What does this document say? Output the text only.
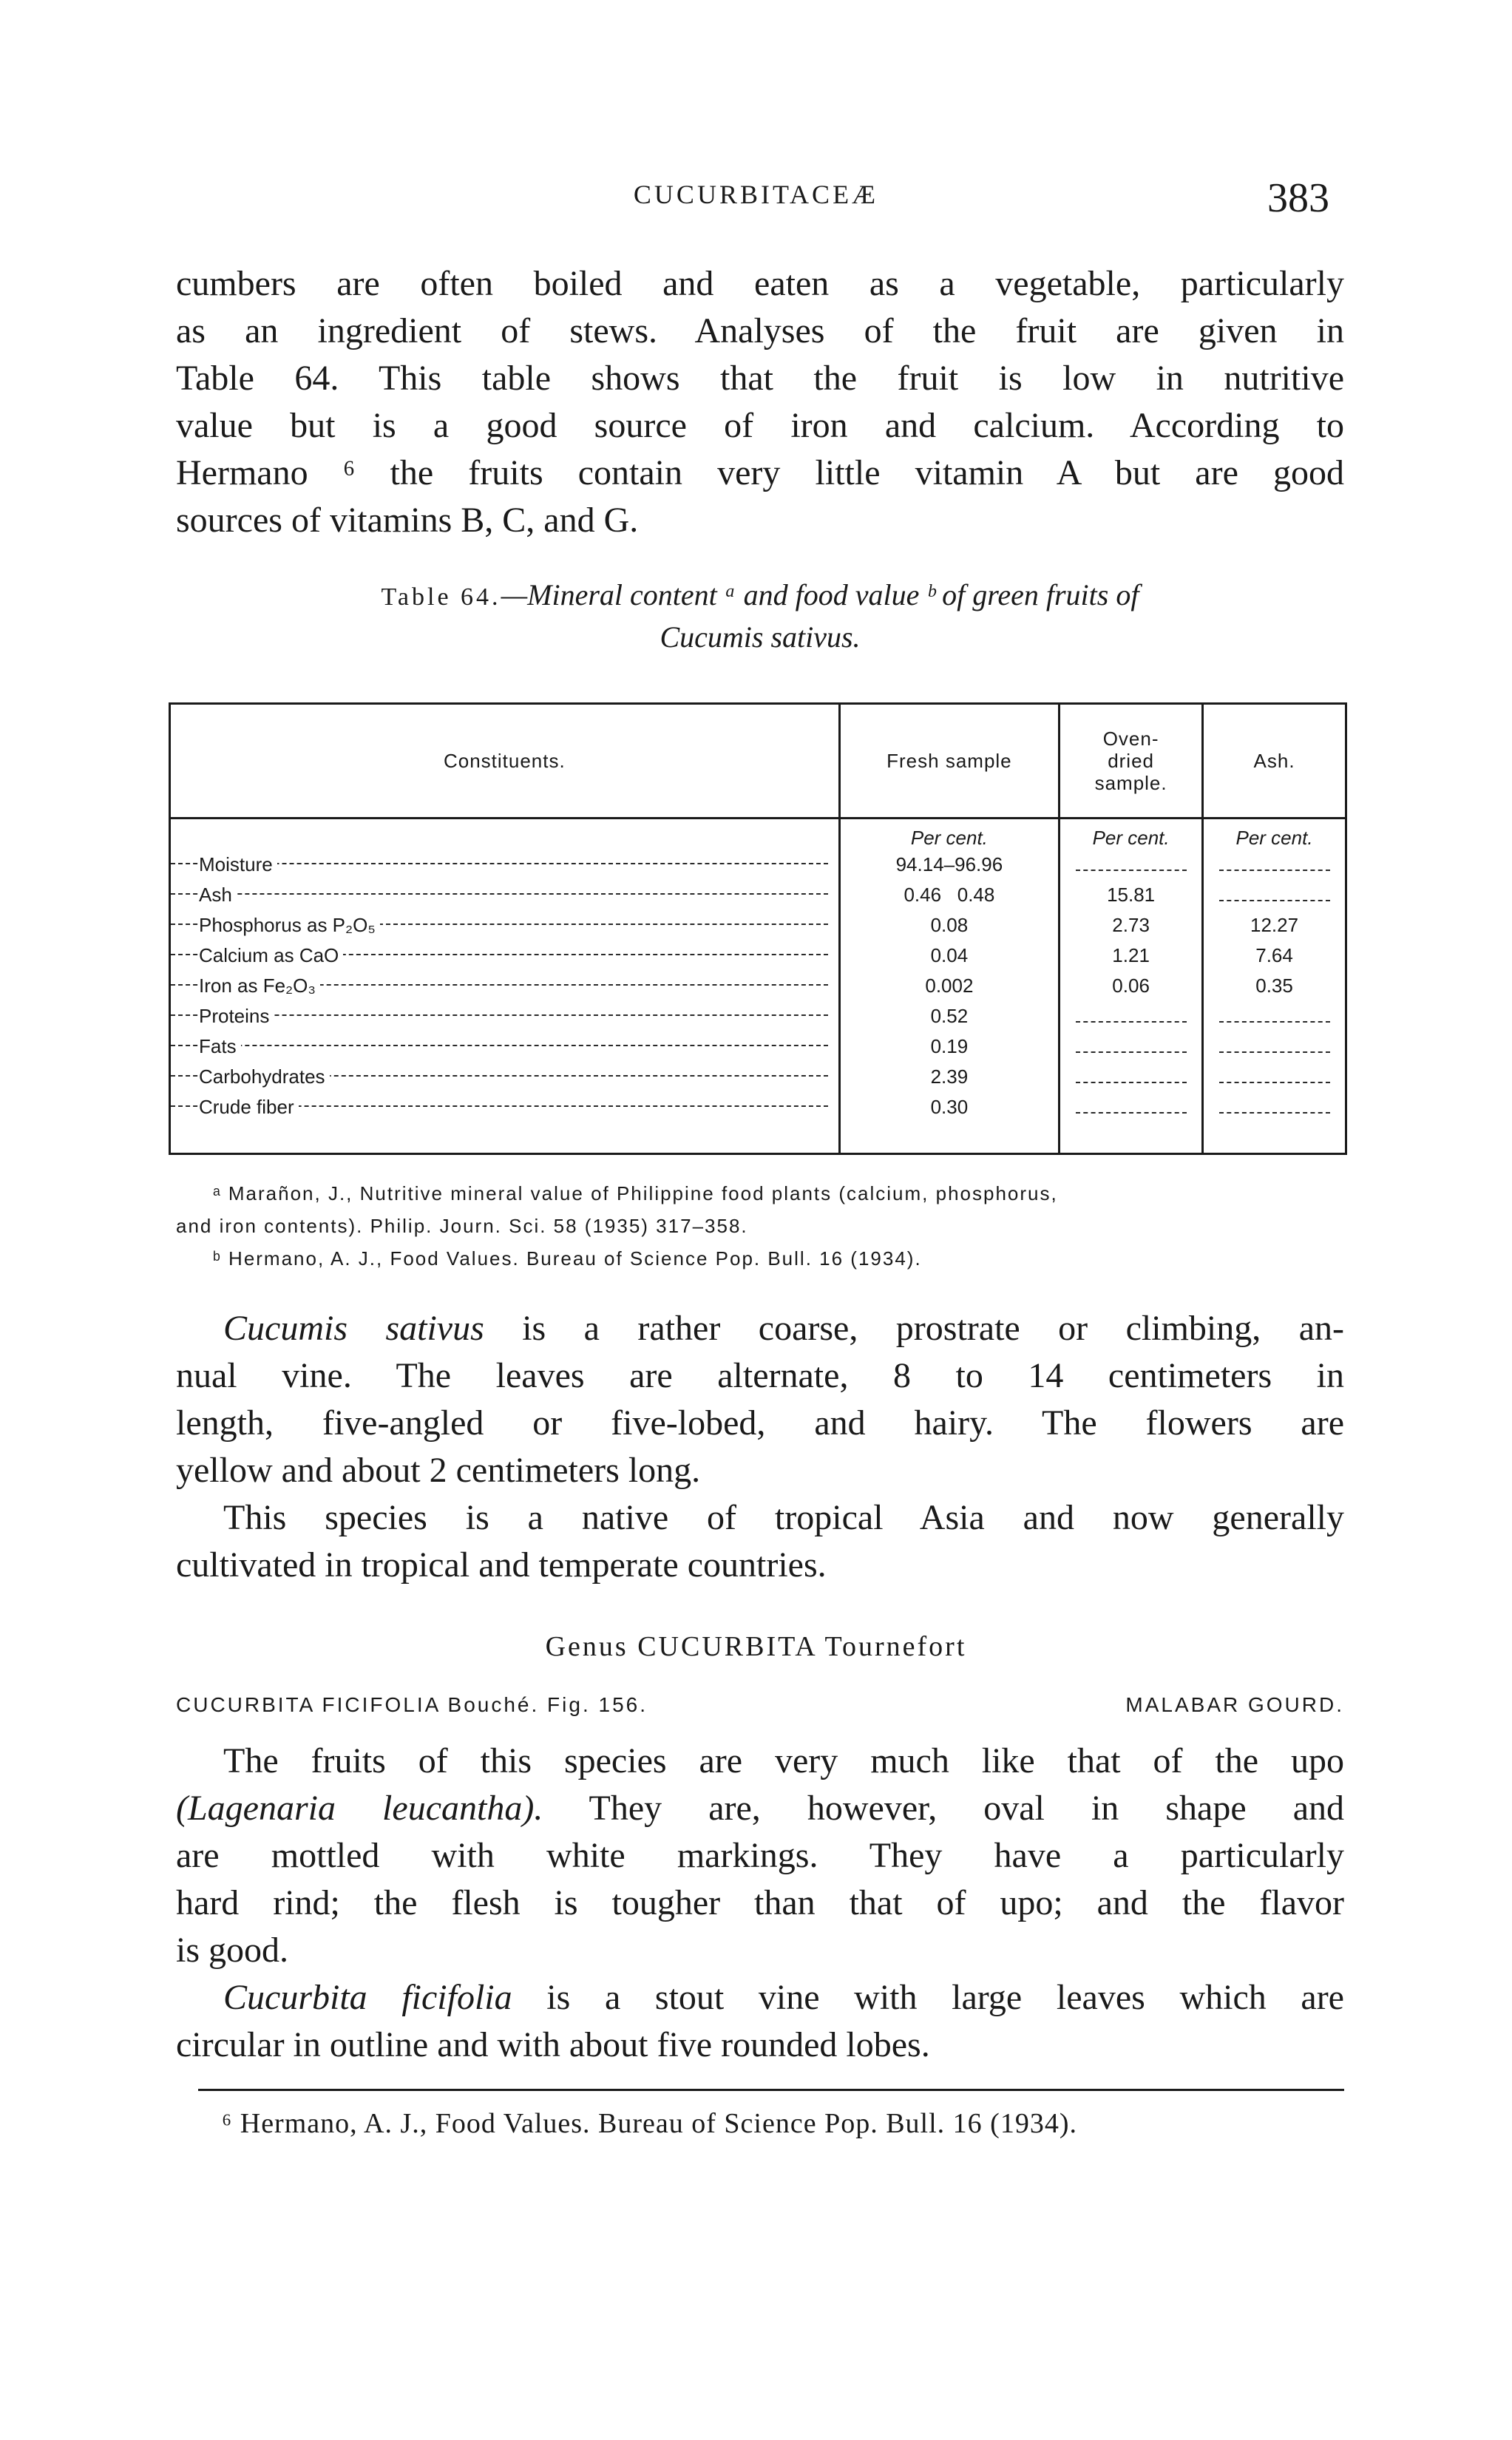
CUCURBITACEÆ	383
cumbers are often boiled and eaten as a vegetable, particularly
as an ingredient of stews. Analyses of the fruit are given in
Table 64. This table shows that the fruit is low in nutritive
value but is a good source of iron and calcium. According to
Hermano ⁶ the fruits contain very little vitamin A but are good
sources of vitamins B, C, and G.
Table 64.—Mineral content ᵃ and food value ᵇ of green fruits of
Cucumis sativus.
Constituents.	Fresh sample	Oven-dried sample.	Ash.
	Per cent.	Per cent.	Per cent.

Moisture	94.14–96.96		

Ash	0.46   0.48	15.81	

Phosphorus as P₂O₅	0.08	2.73	12.27

Calcium as CaO	0.04	1.21	7.64

Iron as Fe₂O₃	0.002	0.06	0.35

Proteins	0.52		

Fats	0.19		

Carbohydrates	2.39		

Crude fiber	0.30		

ᵃ Marañon, J., Nutritive mineral value of Philippine food plants (calcium, phosphorus,
and iron contents). Philip. Journ. Sci. 58 (1935) 317–358.
ᵇ Hermano, A. J., Food Values. Bureau of Science Pop. Bull. 16 (1934).
Cucumis sativus is a rather coarse, prostrate or climbing, an-
nual vine. The leaves are alternate, 8 to 14 centimeters in
length, five-angled or five-lobed, and hairy. The flowers are
yellow and about 2 centimeters long.
This species is a native of tropical Asia and now generally
cultivated in tropical and temperate countries.
Genus CUCURBITA Tournefort
CUCURBITA FICIFOLIA Bouché. Fig. 156.	MALABAR GOURD.
The fruits of this species are very much like that of the upo
(Lagenaria leucantha). They are, however, oval in shape and
are mottled with white markings. They have a particularly
hard rind; the flesh is tougher than that of upo; and the flavor
is good.
Cucurbita ficifolia is a stout vine with large leaves which are
circular in outline and with about five rounded lobes.
⁶ Hermano, A. J., Food Values. Bureau of Science Pop. Bull. 16 (1934).
